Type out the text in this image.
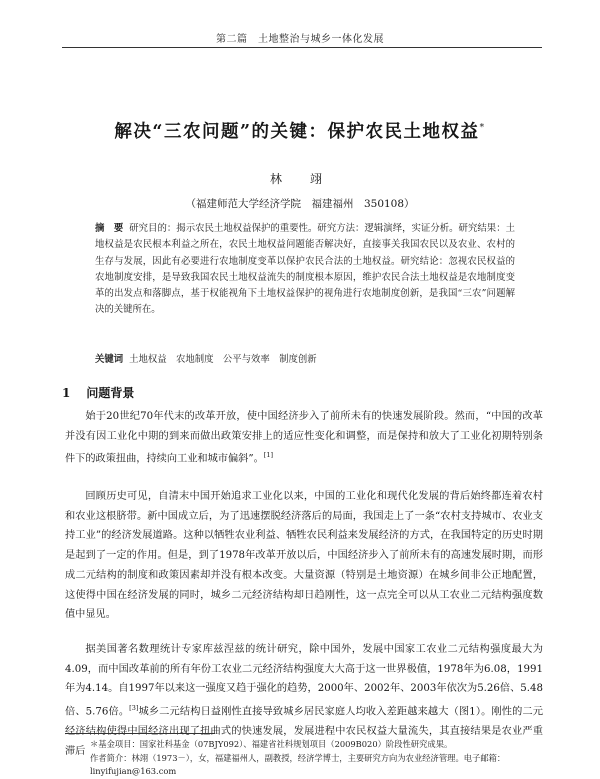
第二篇　土地整治与城乡一体化发展
解决“三农问题”的关键：保护农民土地权益*
林　翊
（福建师范大学经济学院　福建福州　350108）
摘　要 研究目的：揭示农民土地权益保护的重要性。研究方法：逻辑演绎，实证分析。研究结果：土地权益是农民根本利益之所在，农民土地权益问题能否解决好，直接事关我国农民以及农业、农村的生存与发展，因此有必要进行农地制度变革以保护农民合法的土地权益。研究结论：忽视农民权益的农地制度安排，是导致我国农民土地权益流失的制度根本原因，维护农民合法土地权益是农地制度变革的出发点和落脚点，基于权能视角下土地权益保护的视角进行农地制度创新，是我国“三农”问题解决的关键所在。
关键词 土地权益　农地制度　公平与效率　制度创新
1 问题背景
始于20世纪70年代末的改革开放，使中国经济步入了前所未有的快速发展阶段。然而，“中国的改革并没有因工业化中期的到来而做出政策安排上的适应性变化和调整，而是保持和放大了工业化初期特别条件下的政策扭曲，持续向工业和城市偏斜”。[1]
回顾历史可见，自清末中国开始追求工业化以来，中国的工业化和现代化发展的背后始终都连着农村和农业这根脐带。新中国成立后，为了迅速摆脱经济落后的局面，我国走上了一条“农村支持城市、农业支持工业”的经济发展道路。这种以牺牲农业利益、牺牲农民利益来发展经济的方式，在我国特定的历史时期是起到了一定的作用。但是，到了1978年改革开放以后，中国经济步入了前所未有的高速发展时期，而形成二元结构的制度和政策因素却并没有根本改变。大量资源（特别是土地资源）在城乡间非公正地配置，这使得中国在经济发展的同时，城乡二元经济结构却日趋刚性，这一点完全可以从工农业二元结构强度数值中显见。
据美国著名数理统计专家库兹涅兹的统计研究，除中国外，发展中国家工农业二元结构强度最大为4.09，而中国改革前的所有年份工农业二元经济结构强度大大高于这一世界极值，1978年为6.08，1991年为4.14。自1997年以来这一强度又趋于强化的趋势，2000年、2002年、2003年依次为5.26倍、5.48倍、5.76倍。[3]城乡二元结构日益刚性直接导致城乡居民家庭人均收入差距越来越大（图1）。刚性的二元经济结构使得中国经济出现了扭曲式的快速发展，发展进程中农民权益大量流失，其直接结果是农业严重滞后
＊基金项目：国家社科基金（07BJY092）、福建省社科规划项目（2009B020）阶段性研究成果。
作者简介：林翊（1973－），女，福建福州人，副教授，经济学博士，主要研究方向为农业经济管理。电子邮箱：linyifujian@163.com
